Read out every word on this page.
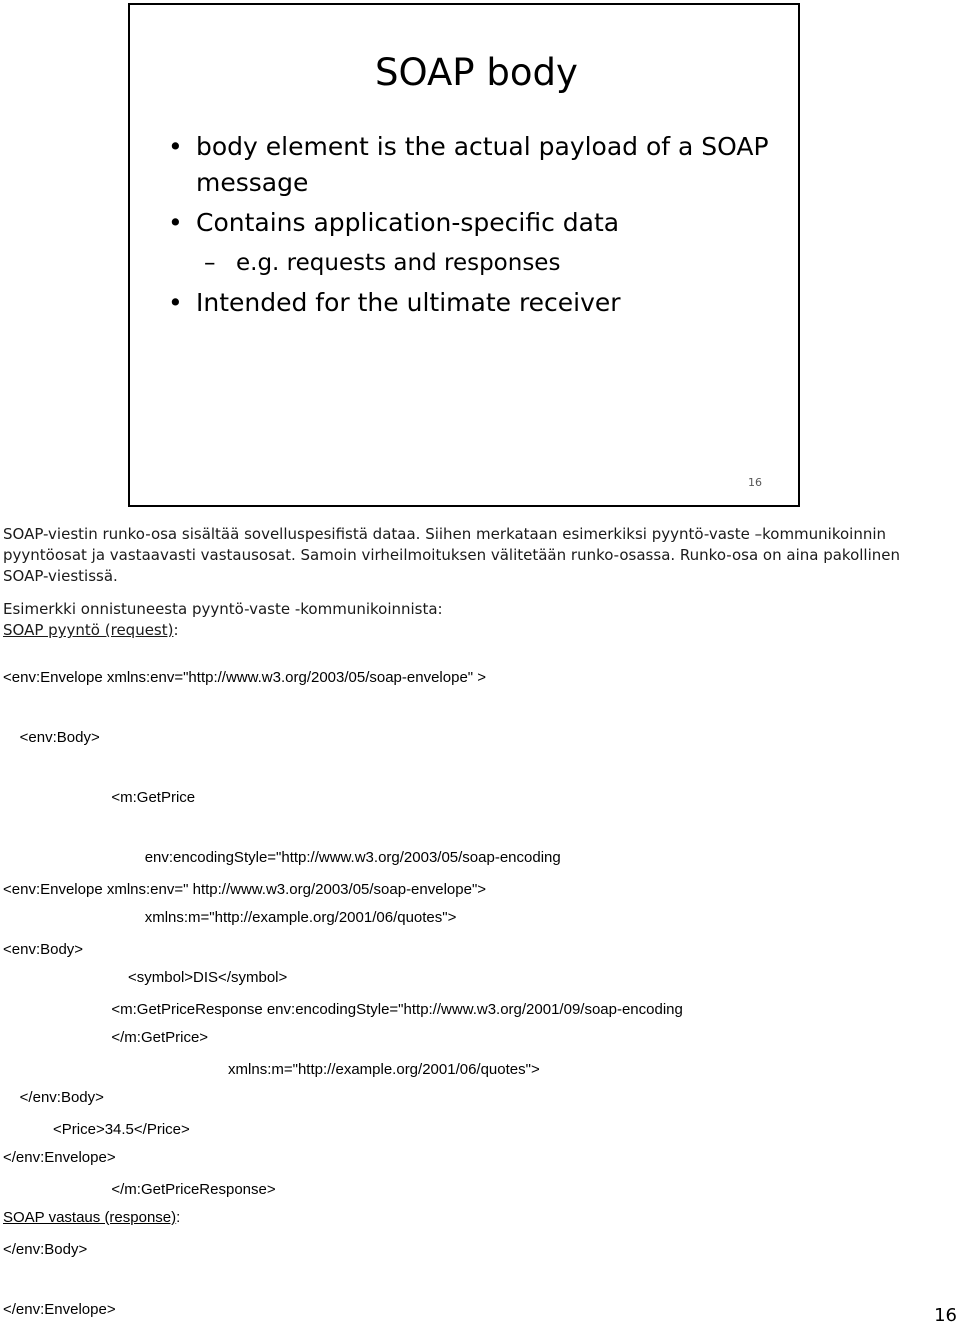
SOAP body
• body element is the actual payload of a SOAP message
• Contains application-specific data
– e.g. requests and responses
• Intended for the ultimate receiver
16

SOAP-viestin runko-osa sisältää sovelluspesifistä dataa. Siihen merkataan esimerkiksi pyyntö-vaste –kommunikoinnin pyyntöosat ja vastaavasti vastausosat. Samoin virheilmoituksen välitetään runko-osassa. Runko-osa on aina pakollinen SOAP-viestissä.

Esimerkki onnistuneesta pyyntö-vaste -kommunikoinnista:

SOAP pyyntö (request):

<env:Envelope xmlns:env="http://www.w3.org/2003/05/soap-envelope" >

<env:Body>

<m:GetPrice

env:encodingStyle="http://www.w3.org/2003/05/soap-encoding

xmlns:m="http://example.org/2001/06/quotes">

<symbol>DIS</symbol>

</m:GetPrice>

</env:Body>

</env:Envelope>

SOAP vastaus (response):

<env:Envelope xmlns:env=" http://www.w3.org/2003/05/soap-envelope">

<env:Body>

<m:GetPriceResponse env:encodingStyle="http://www.w3.org/2001/09/soap-encoding

xmlns:m="http://example.org/2001/06/quotes">

<Price>34.5</Price>

</m:GetPriceResponse>

</env:Body>

</env:Envelope>	16
